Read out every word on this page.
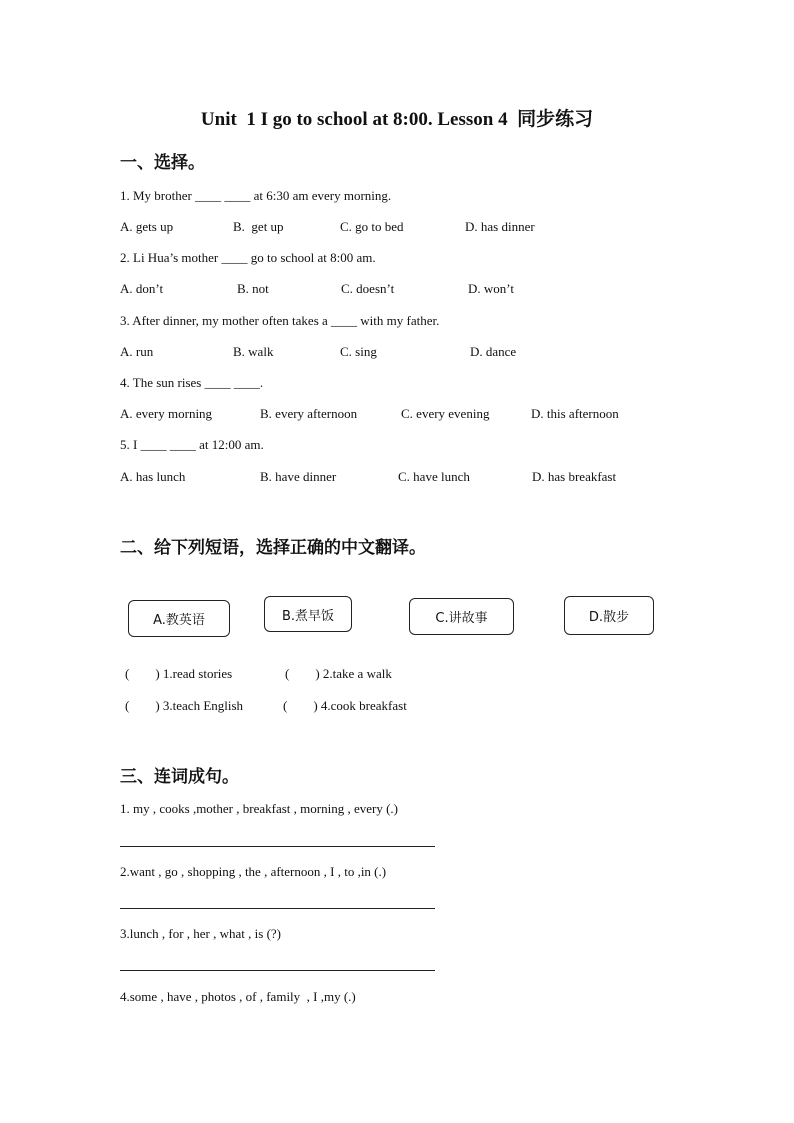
Unit  1 I go to school at 8:00. Lesson 4  同步练习
一、选择。
1. My brother ____ ____ at 6:30 am every morning.
A. gets up	B.  get up	C. go to bed	D. has dinner
2. Li Hua’s mother ____ go to school at 8:00 am.
A. don’t	B. not	C. doesn’t	D. won’t
3. After dinner, my mother often takes a ____ with my father.
A. run	B. walk	C. sing	D. dance
4. The sun rises ____ ____.
A. every morning	B. every afternoon	C. every evening	D. this afternoon
5. I ____ ____ at 12:00 am.
A. has lunch	B. have dinner	C. have lunch	D. has breakfast
二、给下列短语，选择正确的中文翻译。
A.教英语	B.煮早饭	C.讲故事	D.散步
(        ) 1.read stories	(        ) 2.take a walk
(        ) 3.teach English	(        ) 4.cook breakfast
三、连词成句。
1. my , cooks ,mother , breakfast , morning , every (.)
2.want , go , shopping , the , afternoon , I , to ,in (.)
3.lunch , for , her , what , is (?)
4.some , have , photos , of , family  , I ,my (.)
